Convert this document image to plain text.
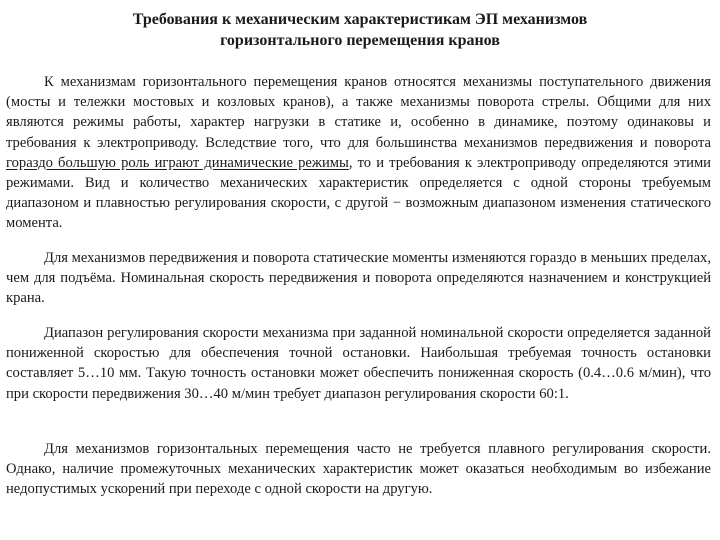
Требования к механическим характеристикам ЭП механизмов
горизонтального перемещения кранов

К механизмам горизонтального перемещения кранов относятся механизмы поступательного движения (мосты и тележки мостовых и козловых кранов), а также механизмы поворота стрелы. Общими для них являются режимы работы, характер нагрузки в статике и, особенно в динамике, поэтому одинаковы и требования к электроприводу. Вследствие того, что для большинства механизмов передвижения и поворота гораздо большую роль играют динамические режимы, то и требования к электроприводу определяются этими режимами. Вид и количество механических характеристик определяется с одной стороны требуемым диапазоном и плавностью регулирования скорости, с другой − возможным диапазоном изменения статического момента.

Для механизмов передвижения и поворота статические моменты изменяются гораздо в меньших пределах, чем для подъёма. Номинальная скорость передвижения и поворота определяются назначением и конструкцией крана.

Диапазон регулирования скорости механизма при заданной номинальной скорости определяется заданной пониженной скоростью для обеспечения точной остановки. Наибольшая требуемая точность остановки составляет 5…10 мм. Такую точность остановки может обеспечить пониженная скорость (0.4…0.6 м/мин), что при скорости передвижения 30…40 м/мин требует диапазон регулирования скорости 60:1.

Для механизмов горизонтальных перемещения часто не требуется плавного регулирования скорости. Однако, наличие промежуточных механических характеристик может оказаться необходимым во избежание недопустимых ускорений при переходе с одной скорости на другую.
